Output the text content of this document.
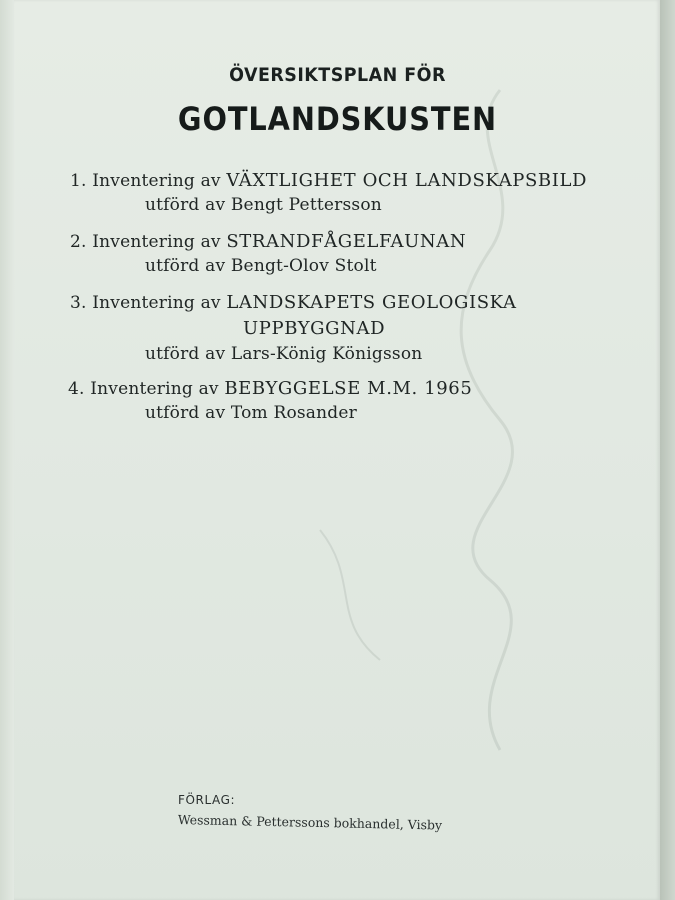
ÖVERSIKTSPLAN FÖR
GOTLANDSKUSTEN
1. Inventering av VÄXTLIGHET OCH LANDSKAPSBILD
utförd av Bengt Pettersson
2. Inventering av STRANDFÅGELFAUNAN
utförd av Bengt-Olov Stolt
3. Inventering av LANDSKAPETS GEOLOGISKA
UPPBYGGNAD
utförd av Lars-König Königsson
4. Inventering av BEBYGGELSE M.M. 1965
utförd av Tom Rosander
FÖRLAG:
Wessman & Petterssons bokhandel, Visby
